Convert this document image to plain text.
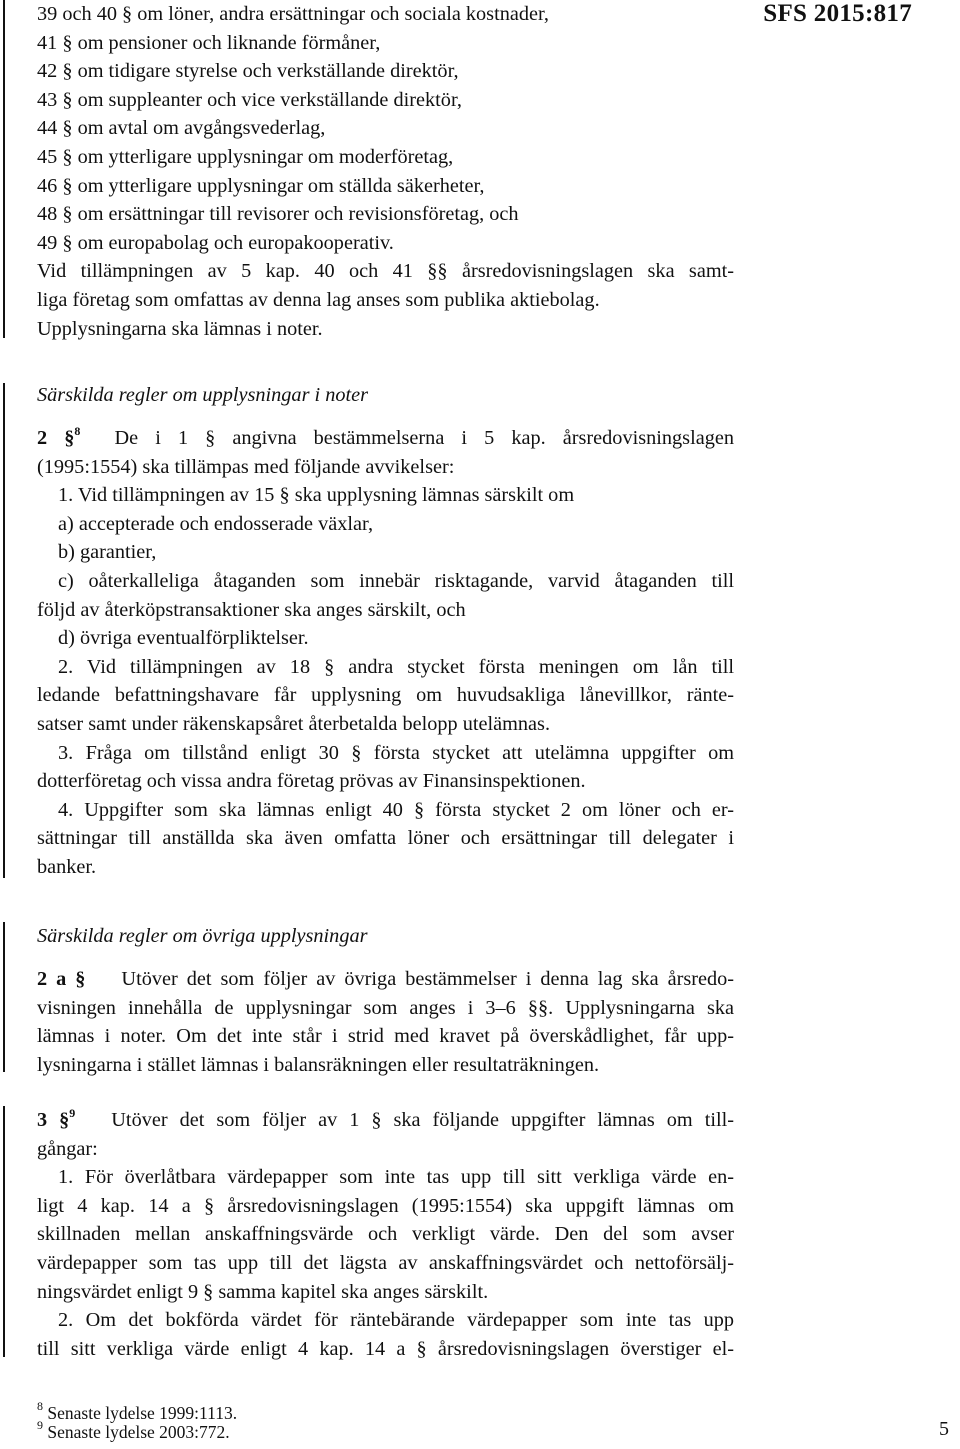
SFS 2015:817

39 och 40 § om löner, andra ersättningar och sociala kostnader,

41 § om pensioner och liknande förmåner,

42 § om tidigare styrelse och verkställande direktör,

43 § om suppleanter och vice verkställande direktör,

44 § om avtal om avgångsvederlag,

45 § om ytterligare upplysningar om moderföretag,

46 § om ytterligare upplysningar om ställda säkerheter,

48 § om ersättningar till revisorer och revisionsföretag, och

49 § om europabolag och europakooperativ.

Vid tillämpningen av 5 kap. 40 och 41 §§ årsredovisningslagen ska samt-

liga företag som omfattas av denna lag anses som publika aktiebolag.

Upplysningarna ska lämnas i noter.

Särskilda regler om upplysningar i noter

2 §$^8$ De i 1 § angivna bestämmelserna i 5 kap. årsredovisningslagen

(1995:1554) ska tillämpas med följande avvikelser:

1. Vid tillämpningen av 15 § ska upplysning lämnas särskilt om

a) accepterade och endosserade växlar,

b) garantier,

c) oåterkalleliga åtaganden som innebär risktagande, varvid åtaganden till

följd av återköpstransaktioner ska anges särskilt, och

d) övriga eventualförpliktelser.

2. Vid tillämpningen av 18 § andra stycket första meningen om lån till

ledande befattningshavare får upplysning om huvudsakliga lånevillkor, ränte-

satser samt under räkenskapsåret återbetalda belopp utelämnas.

3. Fråga om tillstånd enligt 30 § första stycket att utelämna uppgifter om

dotterföretag och vissa andra företag prövas av Finansinspektionen.

4. Uppgifter som ska lämnas enligt 40 § första stycket 2 om löner och er-

sättningar till anställda ska även omfatta löner och ersättningar till delegater i

banker.

Särskilda regler om övriga upplysningar

2 a § Utöver det som följer av övriga bestämmelser i denna lag ska årsredo-

visningen innehålla de upplysningar som anges i 3–6 §§. Upplysningarna ska

lämnas i noter. Om det inte står i strid med kravet på överskådlighet, får upp-

lysningarna i stället lämnas i balansräkningen eller resultaträkningen.

3 §$^9$ Utöver det som följer av 1 § ska följande uppgifter lämnas om till-

gångar:

1. För överlåtbara värdepapper som inte tas upp till sitt verkliga värde en-

ligt 4 kap. 14 a § årsredovisningslagen (1995:1554) ska uppgift lämnas om

skillnaden mellan anskaffningsvärde och verkligt värde. Den del som avser

värdepapper som tas upp till det lägsta av anskaffningsvärdet och nettoförsälj-

ningsvärdet enligt 9 § samma kapitel ska anges särskilt.

2. Om det bokförda värdet för räntebärande värdepapper som inte tas upp

till sitt verkliga värde enligt 4 kap. 14 a § årsredovisningslagen överstiger el-

$^8$ Senaste lydelse 1999:1113.
$^9$ Senaste lydelse 2003:772.	5
